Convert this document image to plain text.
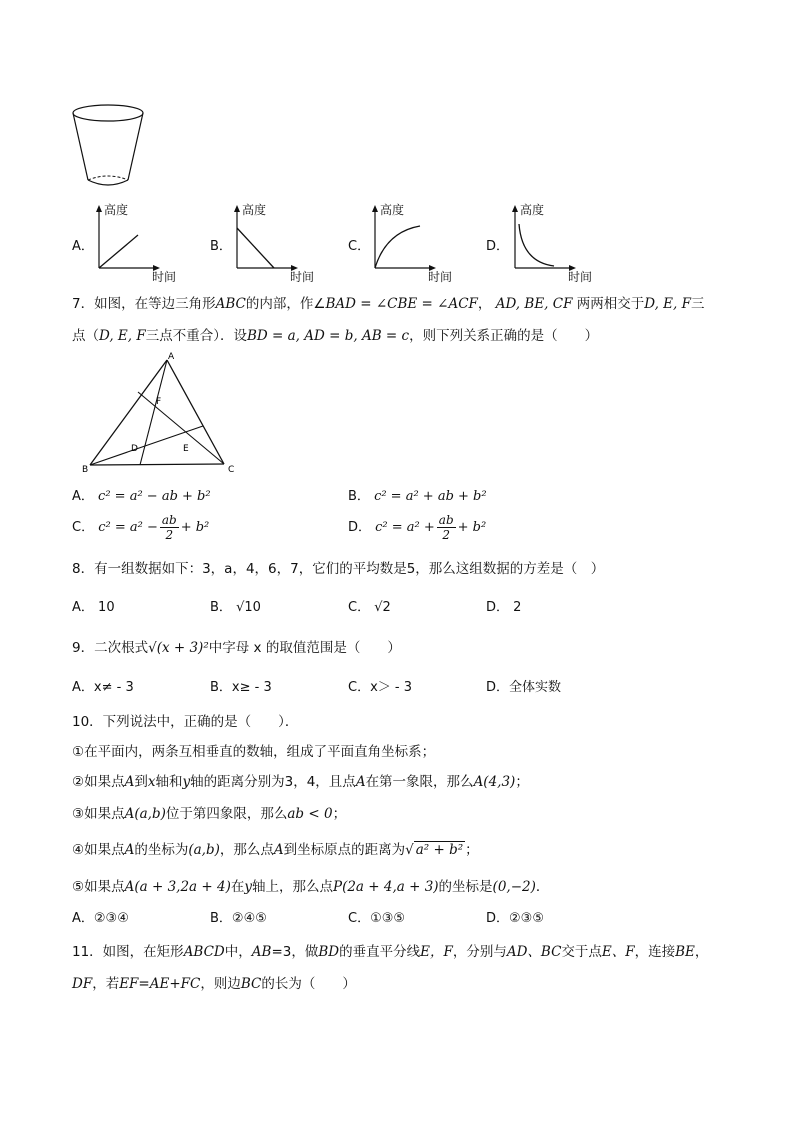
A．
高度
时间
B．
高度
时间
C．
高度
时间
D．
高度
时间
7．如图，在等边三角形ABC的内部，作∠BAD = ∠CBE = ∠ACF， AD, BE, CF 两两相交于D, E, F三
点（D, E, F三点不重合）．设BD = a, AD = b, AB = c，则下列关系正确的是（　　）
A
B	C
D	E
F
A． c² = a² − ab + b²	B． c² = a² + ab + b²
C． $c^2 = a^2 - \frac{ab}{2} + b^2$	D． $c^2 = a^2 + \frac{ab}{2} + b^2$
8．有一组数据如下：3，a，4，6，7，它们的平均数是5，那么这组数据的方差是（　）
A． 10	B． √10	C． √2	D． 2
9．二次根式√(x + 3)²中字母 x 的取值范围是（　　）
A．x≠ - 3	B．x≥ - 3	C．x＞ - 3	D．全体实数
10．下列说法中，正确的是（　　）．
①在平面内，两条互相垂直的数轴，组成了平面直角坐标系；
②如果点A到x轴和y轴的距离分别为3，4，且点A在第一象限，那么A(4,3)；
③如果点A(a,b)位于第四象限，那么ab < 0；
④如果点A的坐标为(a,b)，那么点A到坐标原点的距离为√ a² + b² ；
⑤如果点A(a + 3,2a + 4)在y轴上，那么点P(2a + 4,a + 3)的坐标是(0,−2)．
A．②③④	B．②④⑤	C．①③⑤	D．②③⑤
11．如图，在矩形ABCD中，AB=3，做BD的垂直平分线E，F，分别与AD、BC交于点E、F，连接BE，
DF，若EF=AE+FC，则边BC的长为（　　）
